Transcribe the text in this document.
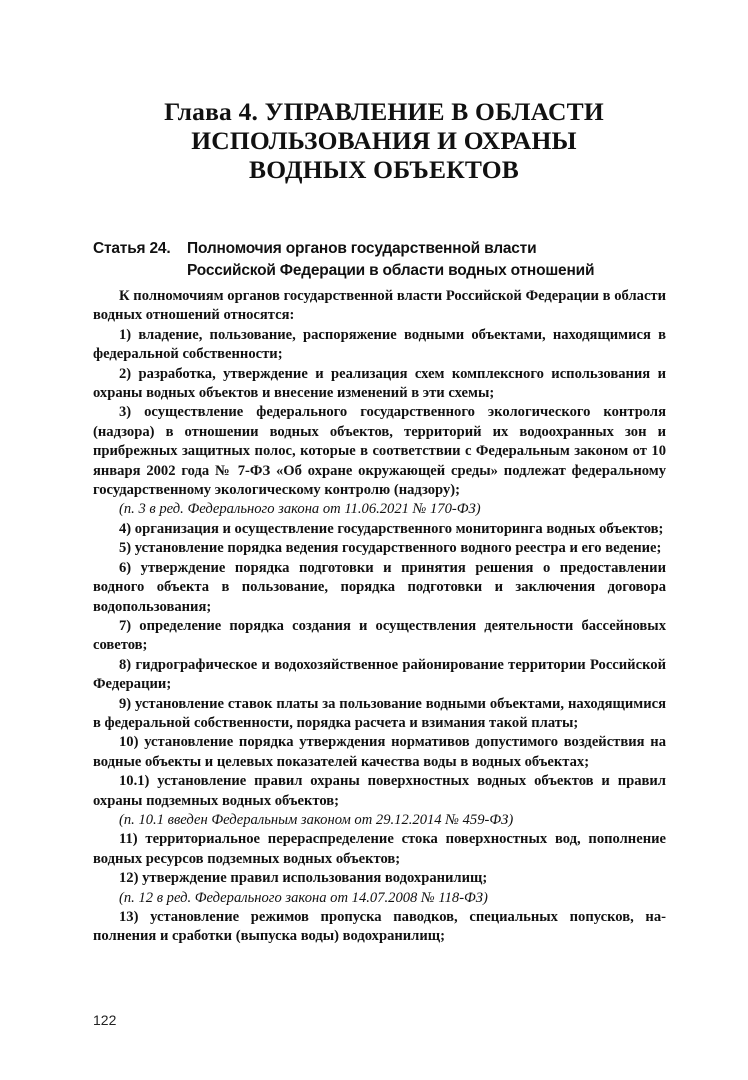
Глава 4. УПРАВЛЕНИЕ В ОБЛАСТИ
ИСПОЛЬЗОВАНИЯ И ОХРАНЫ
ВОДНЫХ ОБЪЕКТОВ
Статья 24. Полномочия органов государственной власти
Российской Федерации в области водных отношений

К полномочиям органов государственной власти Российской Федерации в области водных отношений относятся:

1) владение, пользование, распоряжение водными объектами, находящимися в федеральной собственности;

2) разработка, утверждение и реализация схем комплексного использования и охраны водных объектов и внесение изменений в эти схемы;

3) осуществление федерального государственного экологического контроля (надзора) в отношении водных объектов, территорий их водоохранных зон и прибрежных защитных полос, которые в соответствии с Федеральным законом от 10 января 2002 года № 7-ФЗ «Об охране окружающей среды» подлежат федеральному государственному экологическому контролю (надзору);

(п. 3 в ред. Федерального закона от 11.06.2021 № 170-ФЗ)

4) организация и осуществление государственного мониторинга водных объектов;

5) установление порядка ведения государственного водного реестра и его ведение;

6) утверждение порядка подготовки и принятия решения о предоставлении водного объекта в пользование, порядка подготовки и заключения договора водопользования;

7) определение порядка создания и осуществления деятельности бассейновых советов;

8) гидрографическое и водохозяйственное районирование территории Российской Федерации;

9) установление ставок платы за пользование водными объектами, находящимися в федеральной собственности, порядка расчета и взимания такой платы;

10) установление порядка утверждения нормативов допустимого воздействия на водные объекты и целевых показателей качества воды в водных объектах;

10.1) установление правил охраны поверхностных водных объектов и правил охраны подземных водных объектов;

(п. 10.1 введен Федеральным законом от 29.12.2014 № 459-ФЗ)

11) территориальное перераспределение стока поверхностных вод, пополнение водных ресурсов подземных водных объектов;

12) утверждение правил использования водохранилищ;

(п. 12 в ред. Федерального закона от 14.07.2008 № 118-ФЗ)

13) установление режимов пропуска паводков, специальных попусков, наполнения и сработки (выпуска воды) водохранилищ;

122
